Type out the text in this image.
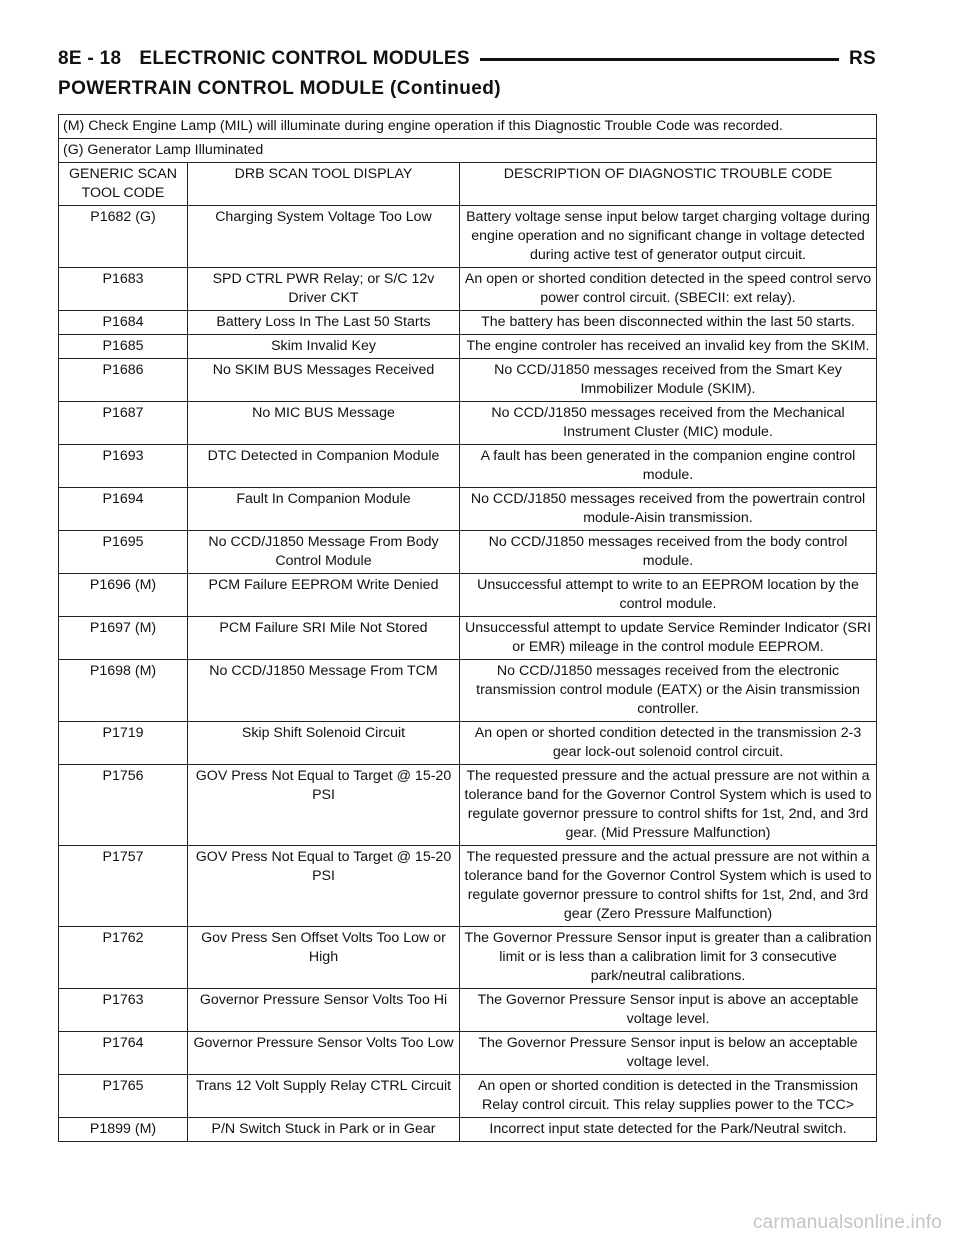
8E - 18 ELECTRONIC CONTROL MODULES	RS
POWERTRAIN CONTROL MODULE (Continued)
(M) Check Engine Lamp (MIL) will illuminate during engine operation if this Diagnostic Trouble Code was recorded.		
(G) Generator Lamp Illuminated		
GENERIC SCAN TOOL CODE	DRB SCAN TOOL DISPLAY	DESCRIPTION OF DIAGNOSTIC TROUBLE CODE
P1682 (G)	Charging System Voltage Too Low	Battery voltage sense input below target charging voltage during engine operation and no significant change in voltage detected during active test of generator output circuit.
P1683	SPD CTRL PWR Relay; or S/C 12v Driver CKT	An open or shorted condition detected in the speed control servo power control circuit. (SBECII: ext relay).
P1684	Battery Loss In The Last 50 Starts	The battery has been disconnected within the last 50 starts.
P1685	Skim Invalid Key	The engine controler has received an invalid key from the SKIM.
P1686	No SKIM BUS Messages Received	No CCD/J1850 messages received from the Smart Key Immobilizer Module (SKIM).
P1687	No MIC BUS Message	No CCD/J1850 messages received from the Mechanical Instrument Cluster (MIC) module.
P1693	DTC Detected in Companion Module	A fault has been generated in the companion engine control module.
P1694	Fault In Companion Module	No CCD/J1850 messages received from the powertrain control module-Aisin transmission.
P1695	No CCD/J1850 Message From Body Control Module	No CCD/J1850 messages received from the body control module.
P1696 (M)	PCM Failure EEPROM Write Denied	Unsuccessful attempt to write to an EEPROM location by the control module.
P1697 (M)	PCM Failure SRI Mile Not Stored	Unsuccessful attempt to update Service Reminder Indicator (SRI or EMR) mileage in the control module EEPROM.
P1698 (M)	No CCD/J1850 Message From TCM	No CCD/J1850 messages received from the electronic transmission control module (EATX) or the Aisin transmission controller.
P1719	Skip Shift Solenoid Circuit	An open or shorted condition detected in the transmission 2-3 gear lock-out solenoid control circuit.
P1756	GOV Press Not Equal to Target @ 15-20 PSI	The requested pressure and the actual pressure are not within a tolerance band for the Governor Control System which is used to regulate governor pressure to control shifts for 1st, 2nd, and 3rd gear. (Mid Pressure Malfunction)
P1757	GOV Press Not Equal to Target @ 15-20 PSI	The requested pressure and the actual pressure are not within a tolerance band for the Governor Control System which is used to regulate governor pressure to control shifts for 1st, 2nd, and 3rd gear (Zero Pressure Malfunction)
P1762	Gov Press Sen Offset Volts Too Low or High	The Governor Pressure Sensor input is greater than a calibration limit or is less than a calibration limit for 3 consecutive park/neutral calibrations.
P1763	Governor Pressure Sensor Volts Too Hi	The Governor Pressure Sensor input is above an acceptable voltage level.
P1764	Governor Pressure Sensor Volts Too Low	The Governor Pressure Sensor input is below an acceptable voltage level.
P1765	Trans 12 Volt Supply Relay CTRL Circuit	An open or shorted condition is detected in the Transmission Relay control circuit. This relay supplies power to the TCC>
P1899 (M)	P/N Switch Stuck in Park or in Gear	Incorrect input state detected for the Park/Neutral switch.
carmanualsonline.info
